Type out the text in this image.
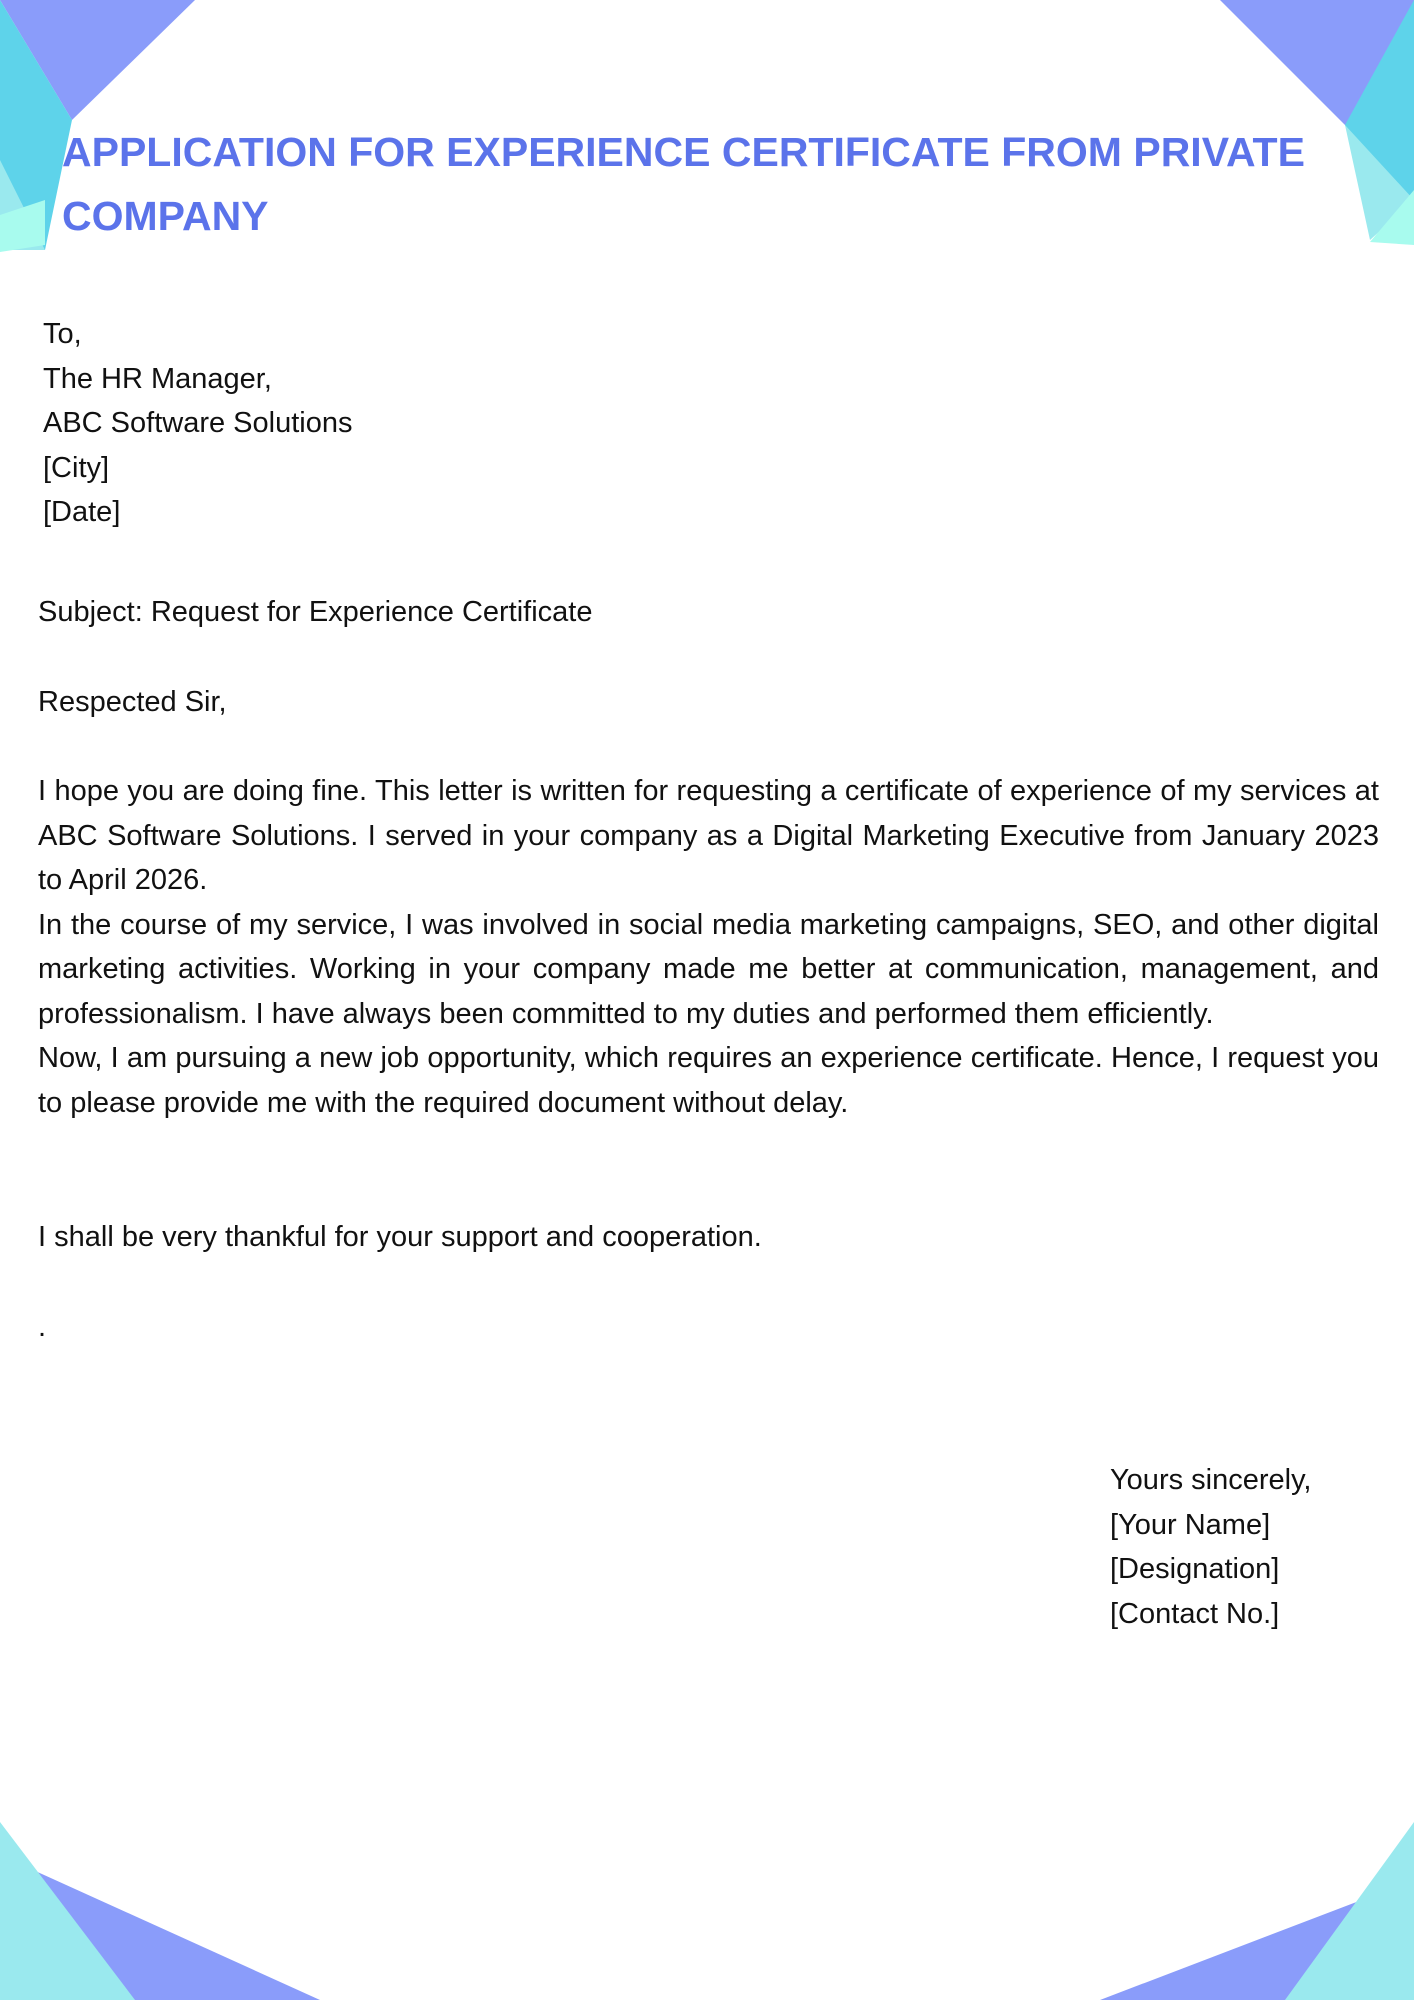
APPLICATION FOR EXPERIENCE CERTIFICATE FROM PRIVATE COMPANY
To,
The HR Manager,
ABC Software Solutions
[City]
[Date]
Subject: Request for Experience Certificate
Respected Sir,

I hope you are doing fine. This letter is written for requesting a certificate of experience of my services at ABC Software Solutions. I served in your company as a Digital Marketing Executive from January 2023 to April 2026.

In the course of my service, I was involved in social media marketing campaigns, SEO, and other digital marketing activities. Working in your company made me better at communication, management, and professionalism. I have always been committed to my duties and performed them efficiently.

Now, I am pursuing a new job opportunity, which requires an experience certificate. Hence, I request you to please provide me with the required document without delay.

I shall be very thankful for your support and cooperation.
.
Yours sincerely,
[Your Name]
[Designation]
[Contact No.]
